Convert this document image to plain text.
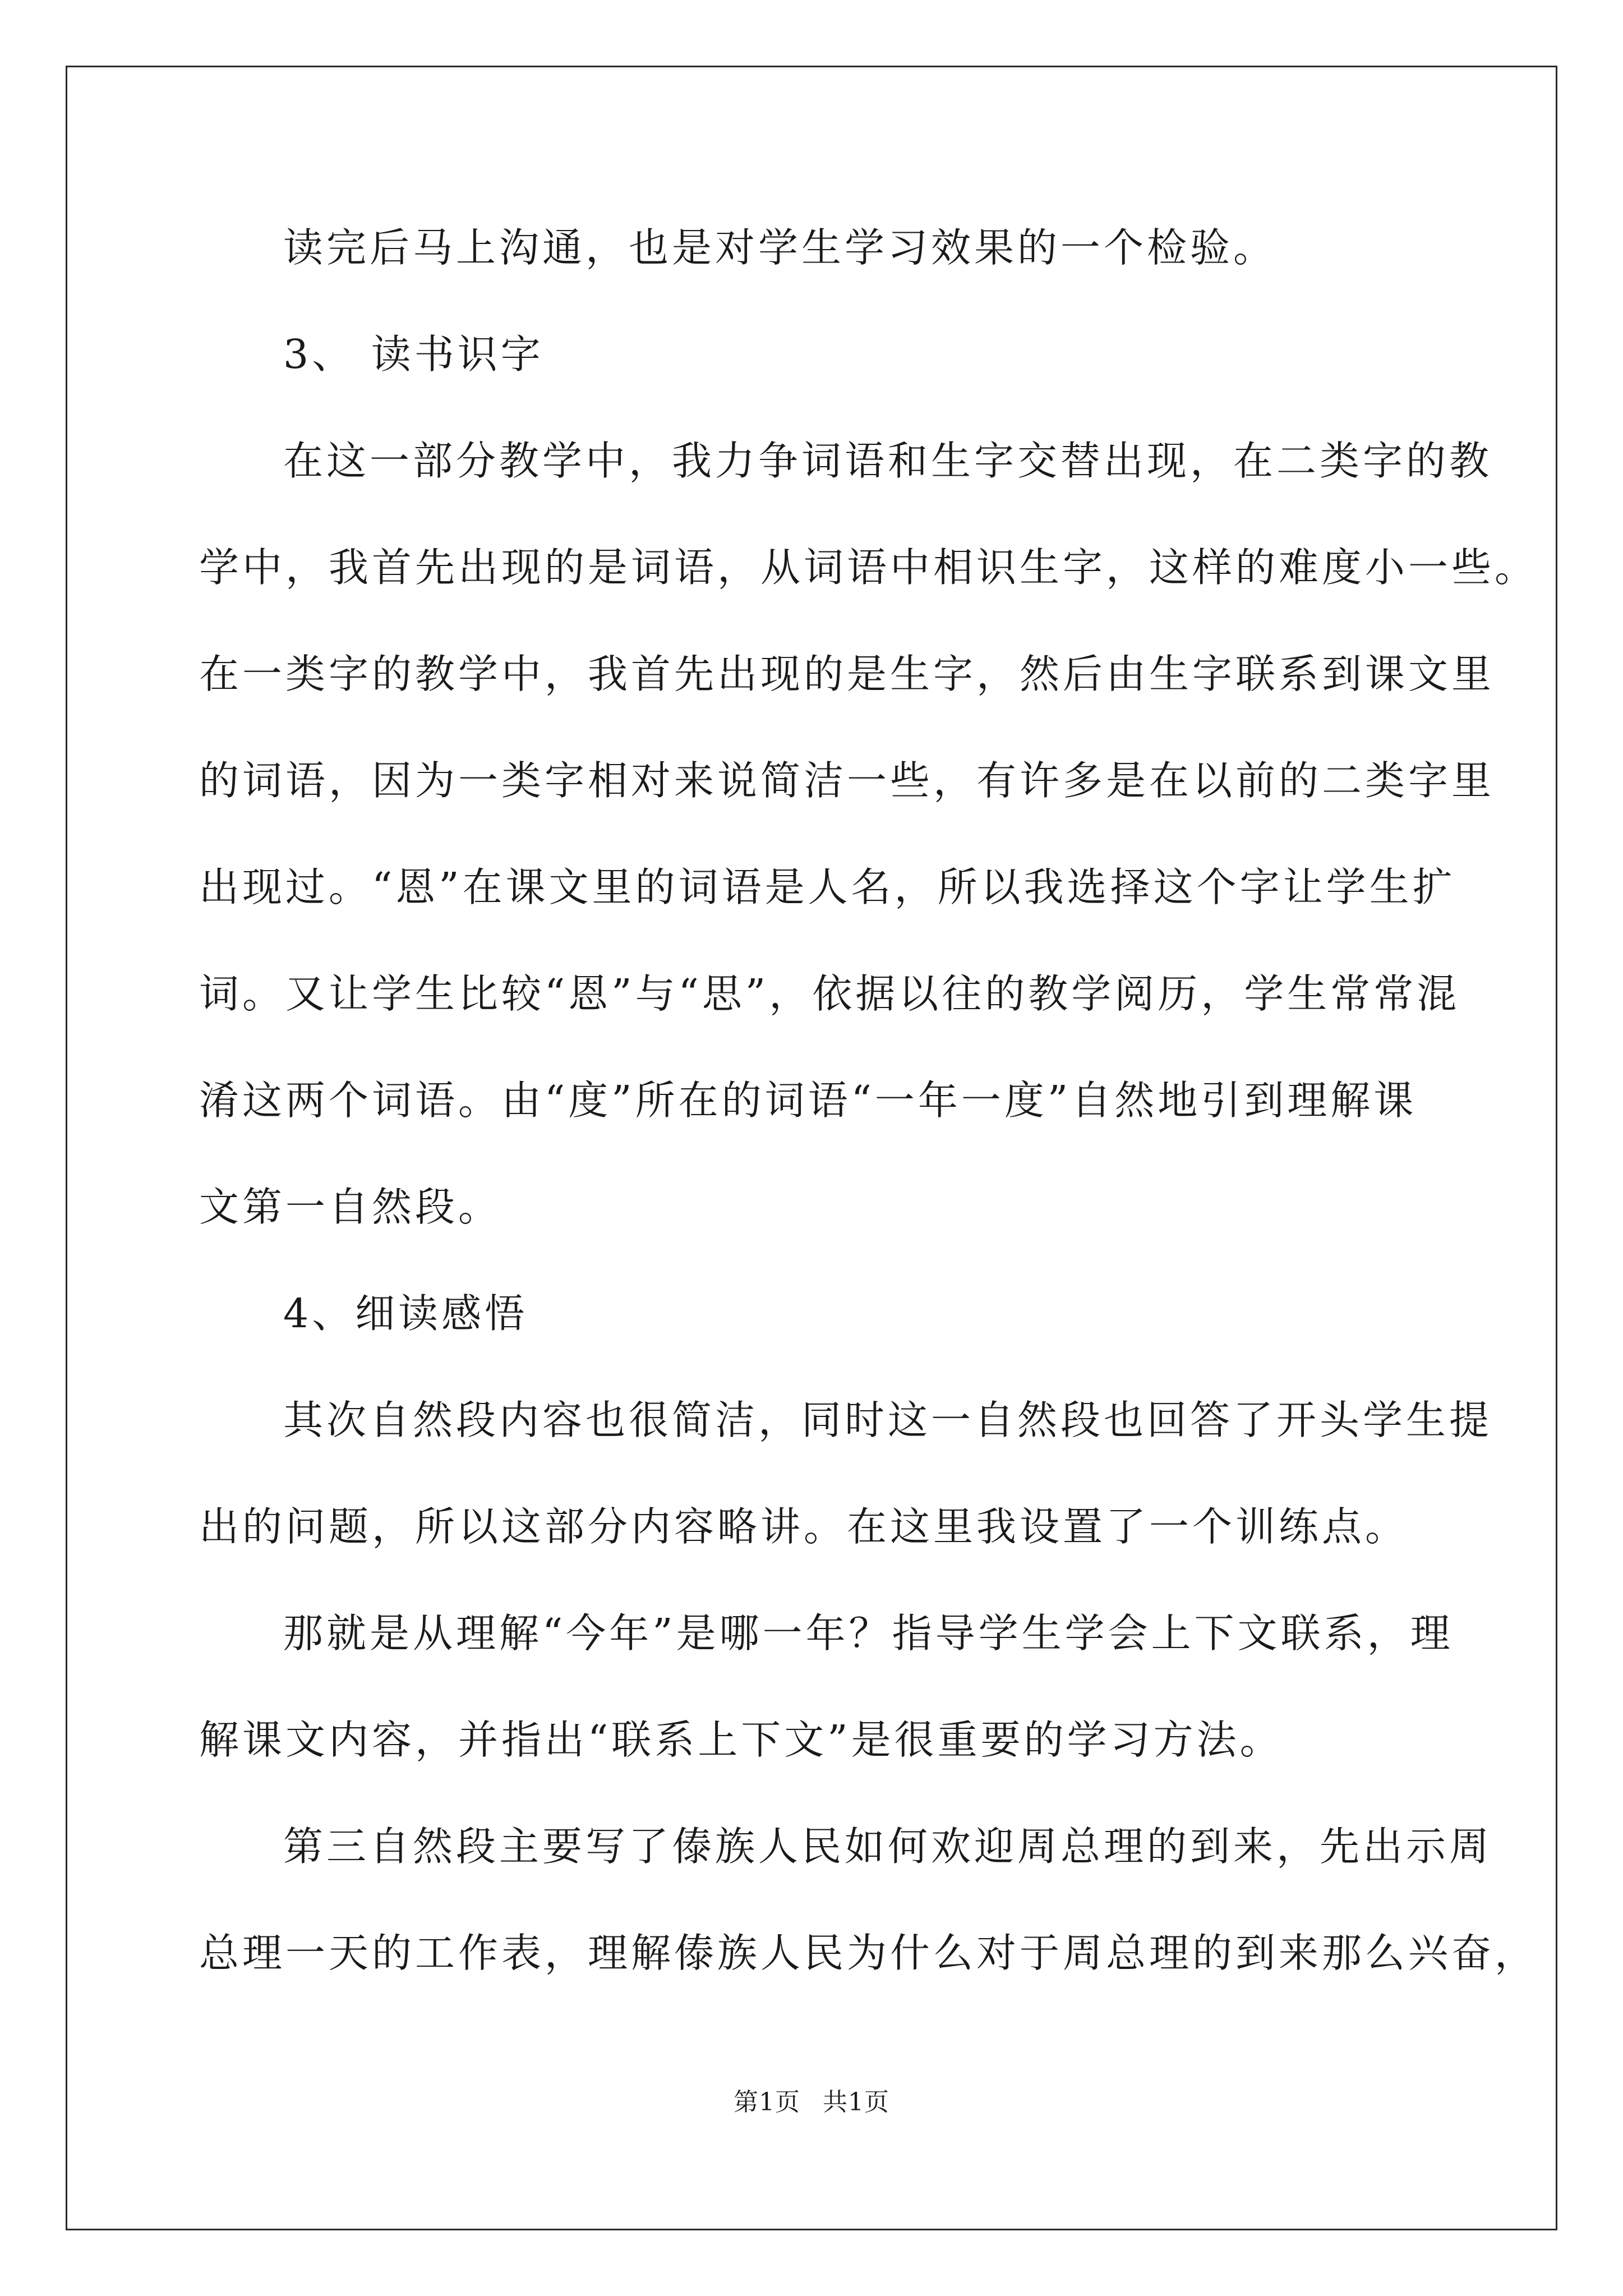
读完后马上沟通，也是对学生学习效果的一个检验。
3、 读书识字
在这一部分教学中，我力争词语和生字交替出现，在二类字的教
学中，我首先出现的是词语，从词语中相识生字，这样的难度小一些。
在一类字的教学中，我首先出现的是生字，然后由生字联系到课文里
的词语，因为一类字相对来说简洁一些，有许多是在以前的二类字里
出现过。“恩”在课文里的词语是人名，所以我选择这个字让学生扩
词。又让学生比较“恩”与“思”，依据以往的教学阅历，学生常常混
淆这两个词语。由“度”所在的词语“一年一度”自然地引到理解课
文第一自然段。
4、细读感悟
其次自然段内容也很简洁，同时这一自然段也回答了开头学生提
出的问题，所以这部分内容略讲。在这里我设置了一个训练点。
那就是从理解“今年”是哪一年？指导学生学会上下文联系，理
解课文内容，并指出“联系上下文”是很重要的学习方法。
第三自然段主要写了傣族人民如何欢迎周总理的到来，先出示周
总理一天的工作表，理解傣族人民为什么对于周总理的到来那么兴奋，
第1页 共1页
